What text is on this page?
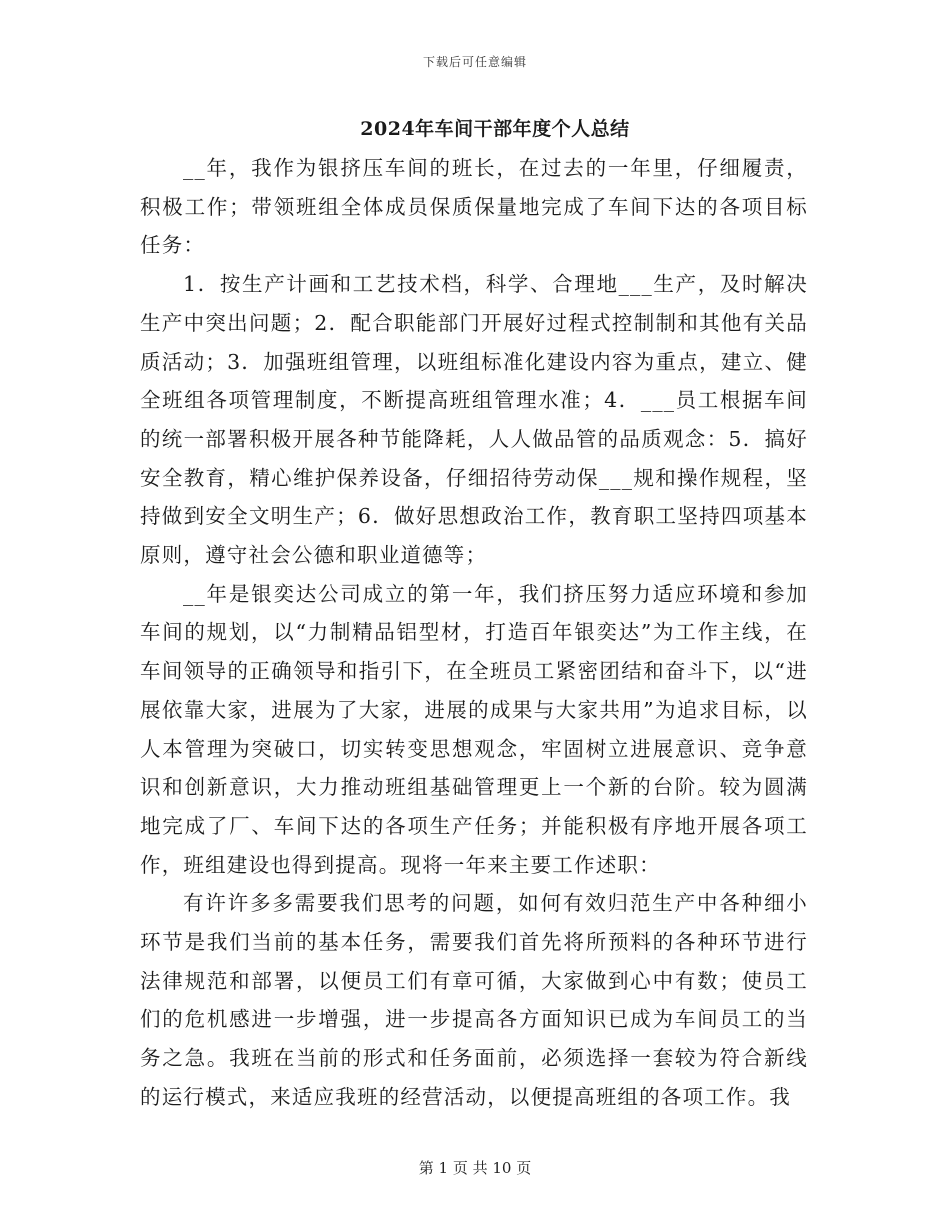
下载后可任意编辑
2024年车间干部年度个人总结

__年，我作为银挤压车间的班长，在过去的一年里，仔细履责，积极工作；带领班组全体成员保质保量地完成了车间下达的各项目标任务：

1．按生产计画和工艺技术档，科学、合理地___生产，及时解决生产中突出问题；2．配合职能部门开展好过程式控制制和其他有关品质活动；3．加强班组管理，以班组标准化建设内容为重点，建立、健全班组各项管理制度，不断提高班组管理水准；4．___员工根据车间的统一部署积极开展各种节能降耗，人人做品管的品质观念：5．搞好安全教育，精心维护保养设备，仔细招待劳动保___规和操作规程，坚持做到安全文明生产；6．做好思想政治工作，教育职工坚持四项基本原则，遵守社会公德和职业道德等；

__年是银奕达公司成立的第一年，我们挤压努力适应环境和参加车间的规划，以“力制精品铝型材，打造百年银奕达”为工作主线，在车间领导的正确领导和指引下，在全班员工紧密团结和奋斗下，以“进展依靠大家，进展为了大家，进展的成果与大家共用”为追求目标，以人本管理为突破口，切实转变思想观念，牢固树立进展意识、竞争意识和创新意识，大力推动班组基础管理更上一个新的台阶。较为圆满地完成了厂、车间下达的各项生产任务；并能积极有序地开展各项工作，班组建设也得到提高。现将一年来主要工作述职：

有许许多多需要我们思考的问题，如何有效归范生产中各种细小环节是我们当前的基本任务，需要我们首先将所预料的各种环节进行法律规范和部署，以便员工们有章可循，大家做到心中有数；使员工们的危机感进一步增强，进一步提高各方面知识已成为车间员工的当务之急。我班在当前的形式和任务面前，必须选择一套较为符合新线的运行模式，来适应我班的经营活动，以便提高班组的各项工作。我

第 1 页 共 10 页
